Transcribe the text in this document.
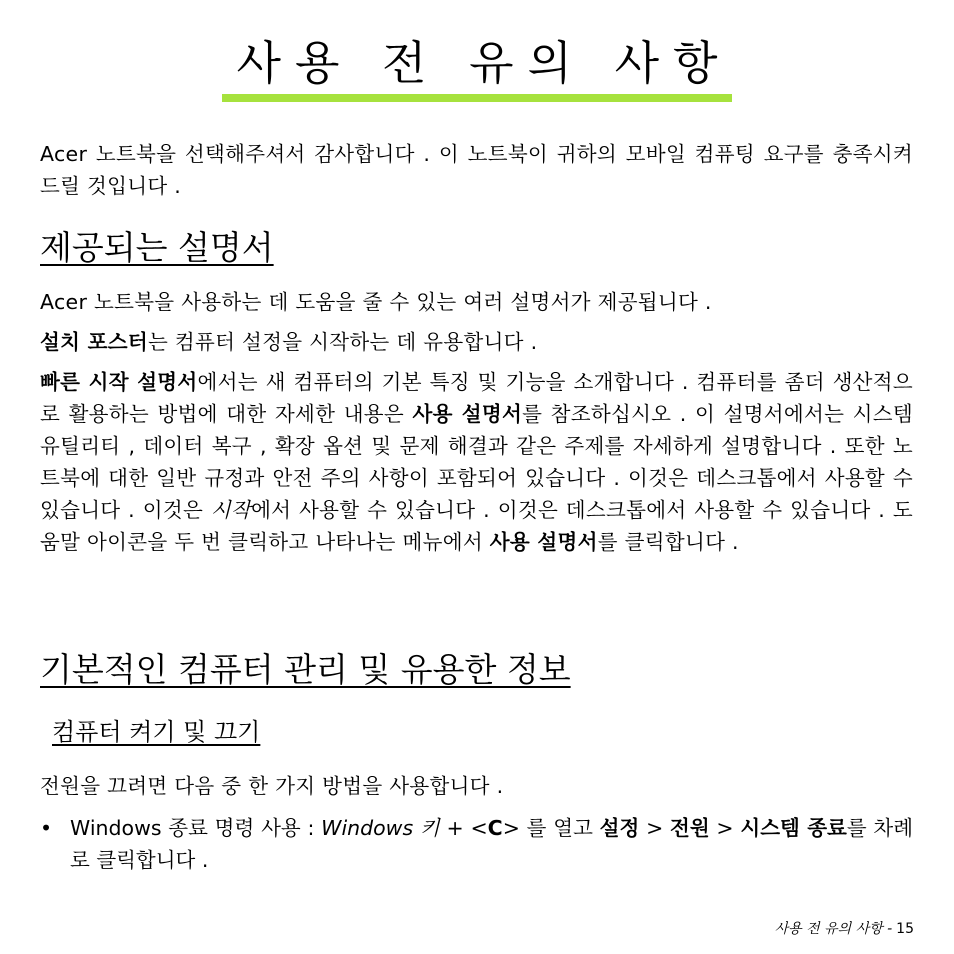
사용 전 유의 사항
Acer 노트북을 선택해주셔서 감사합니다 . 이 노트북이 귀하의 모바일 컴퓨팅 요구를 충족시켜 드릴 것입니다 .
제공되는 설명서
Acer 노트북을 사용하는 데 도움을 줄 수 있는 여러 설명서가 제공됩니다 .
설치 포스터는 컴퓨터 설정을 시작하는 데 유용합니다 .
빠른 시작 설명서에서는 새 컴퓨터의 기본 특징 및 기능을 소개합니다 . 컴퓨터를 좀더 생산적으로 활용하는 방법에 대한 자세한 내용은 사용 설명서를 참조하십시오 . 이 설명서에서는 시스템 유틸리티 , 데이터 복구 , 확장 옵션 및 문제 해결과 같은 주제를 자세하게 설명합니다 . 또한 노트북에 대한 일반 규정과 안전 주의 사항이 포함되어 있습니다 . 이것은 데스크톱에서 사용할 수 있습니다 . 이것은 시작에서 사용할 수 있습니다 . 이것은 데스크톱에서 사용할 수 있습니다 . 도움말 아이콘을 두 번 클릭하고 나타나는 메뉴에서 사용 설명서를 클릭합니다 .
기본적인 컴퓨터 관리 및 유용한 정보
컴퓨터 켜기 및 끄기
전원을 끄려면 다음 중 한 가지 방법을 사용합니다 .
• Windows 종료 명령 사용 : Windows 키 + <C> 를 열고 설정 > 전원 > 시스템 종료를 차례로 클릭합니다 .
사용 전 유의 사항 - 15
